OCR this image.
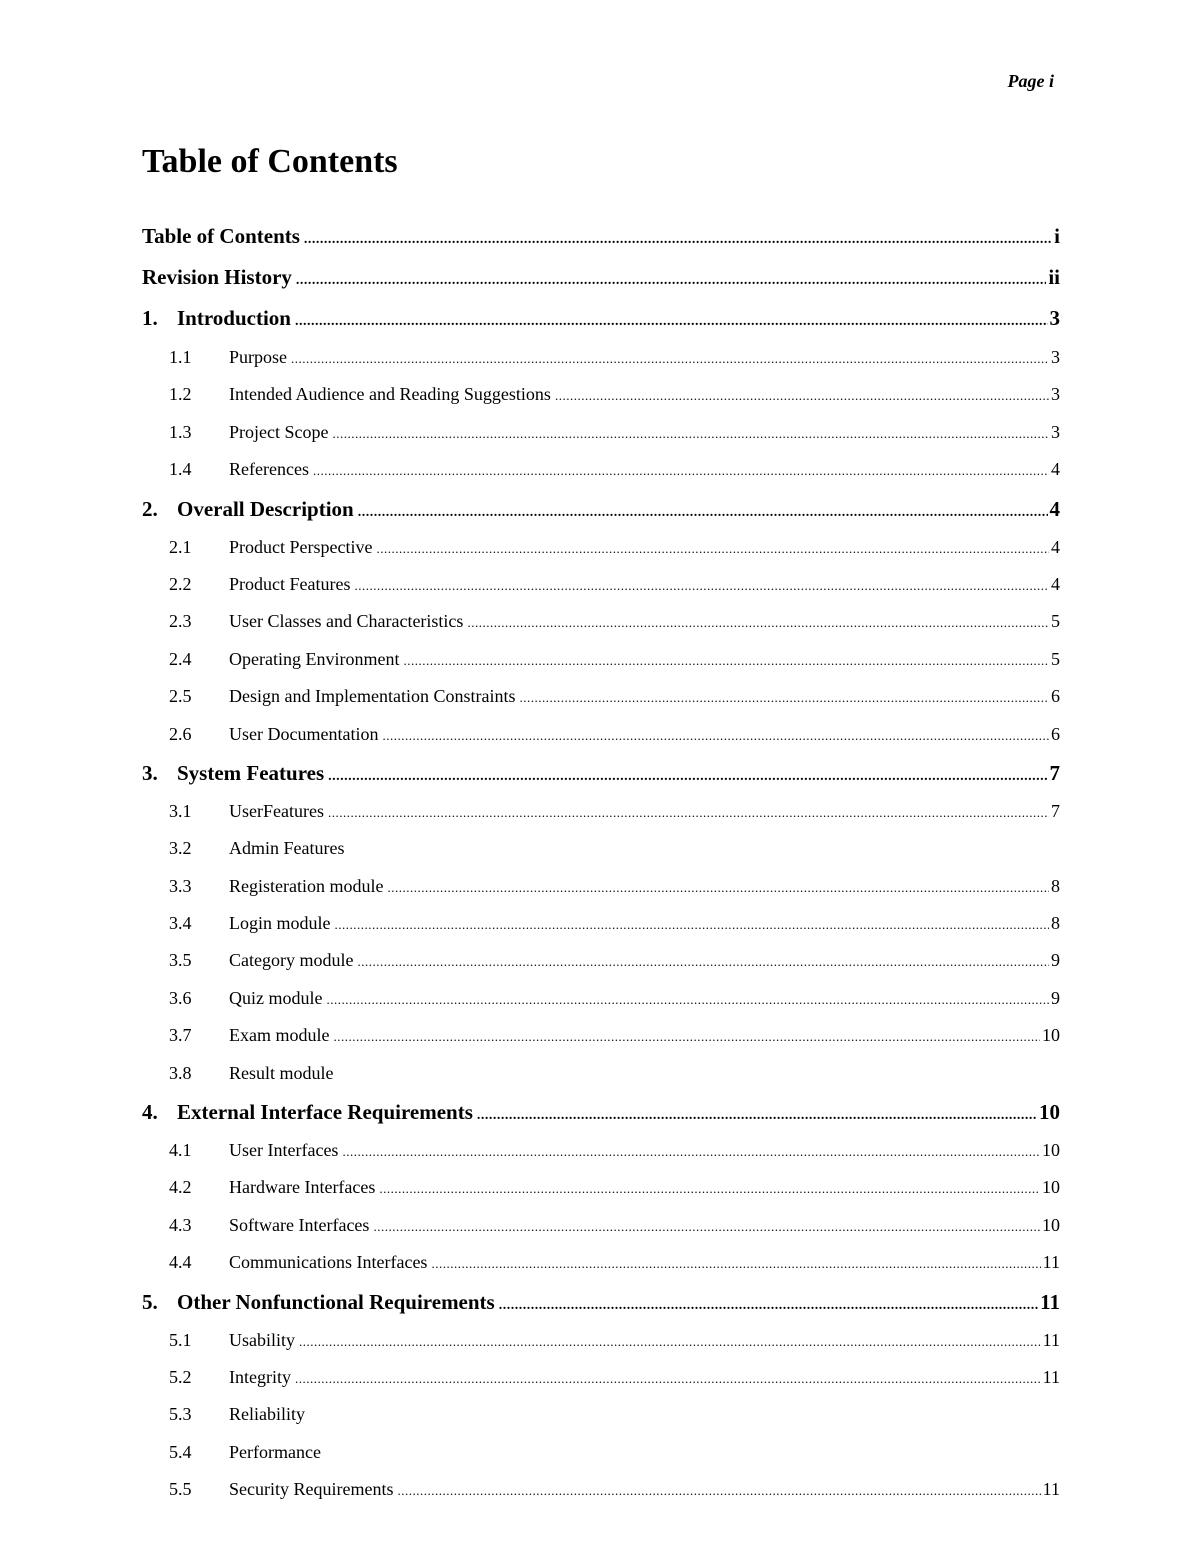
Page i
Table of Contents
Table of Contents .....	i
Revision History .....	ii
1. Introduction .....	3
1.1	Purpose .....	3
1.2	Intended Audience and Reading Suggestions .....	3
1.3	Project Scope .....	3
1.4	References .....	4
2. Overall Description .....	4
2.1	Product Perspective .....	4
2.2	Product Features .....	4
2.3	User Classes and Characteristics .....	5
2.4	Operating Environment .....	5
2.5	Design and Implementation Constraints .....	6
2.6	User Documentation .....	6
3. System Features .....	7
3.1	UserFeatures .....	7
3.2	Admin Features
3.3	Registeration module .....	8
3.4	Login module .....	8
3.5	Category module .....	9
3.6	Quiz module .....	9
3.7	Exam module .....	10
3.8	Result module
4. External Interface Requirements .....	10
4.1	User Interfaces .....	10
4.2	Hardware Interfaces .....	10
4.3	Software Interfaces .....	10
4.4	Communications Interfaces .....	11
5. Other Nonfunctional Requirements .....	11
5.1	Usability .....	11
5.2	Integrity .....	11
5.3	Reliability
5.4	Performance
5.5	Security Requirements .....	11
